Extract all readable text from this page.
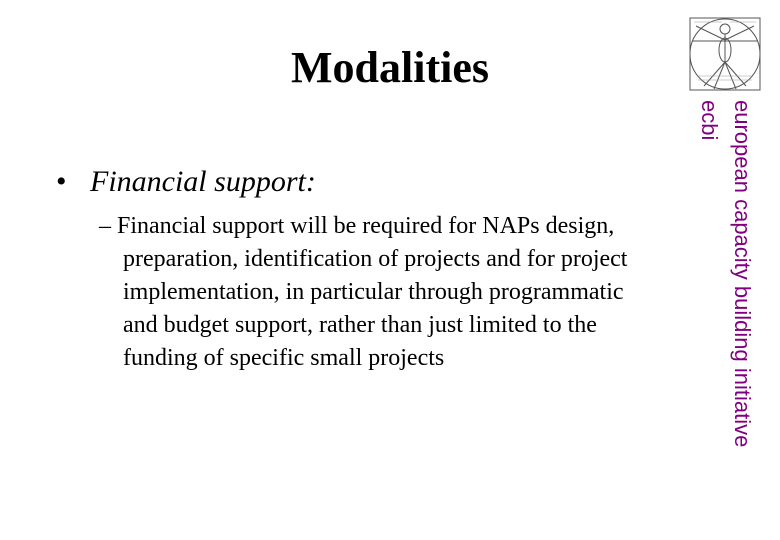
Modalities
• Financial support:
– Financial support will be required for NAPs design,
preparation, identification of projects and for project
implementation, in particular through programmatic
and budget support, rather than just limited to the
funding of specific small projects	european capacity building initiative
ecbi
